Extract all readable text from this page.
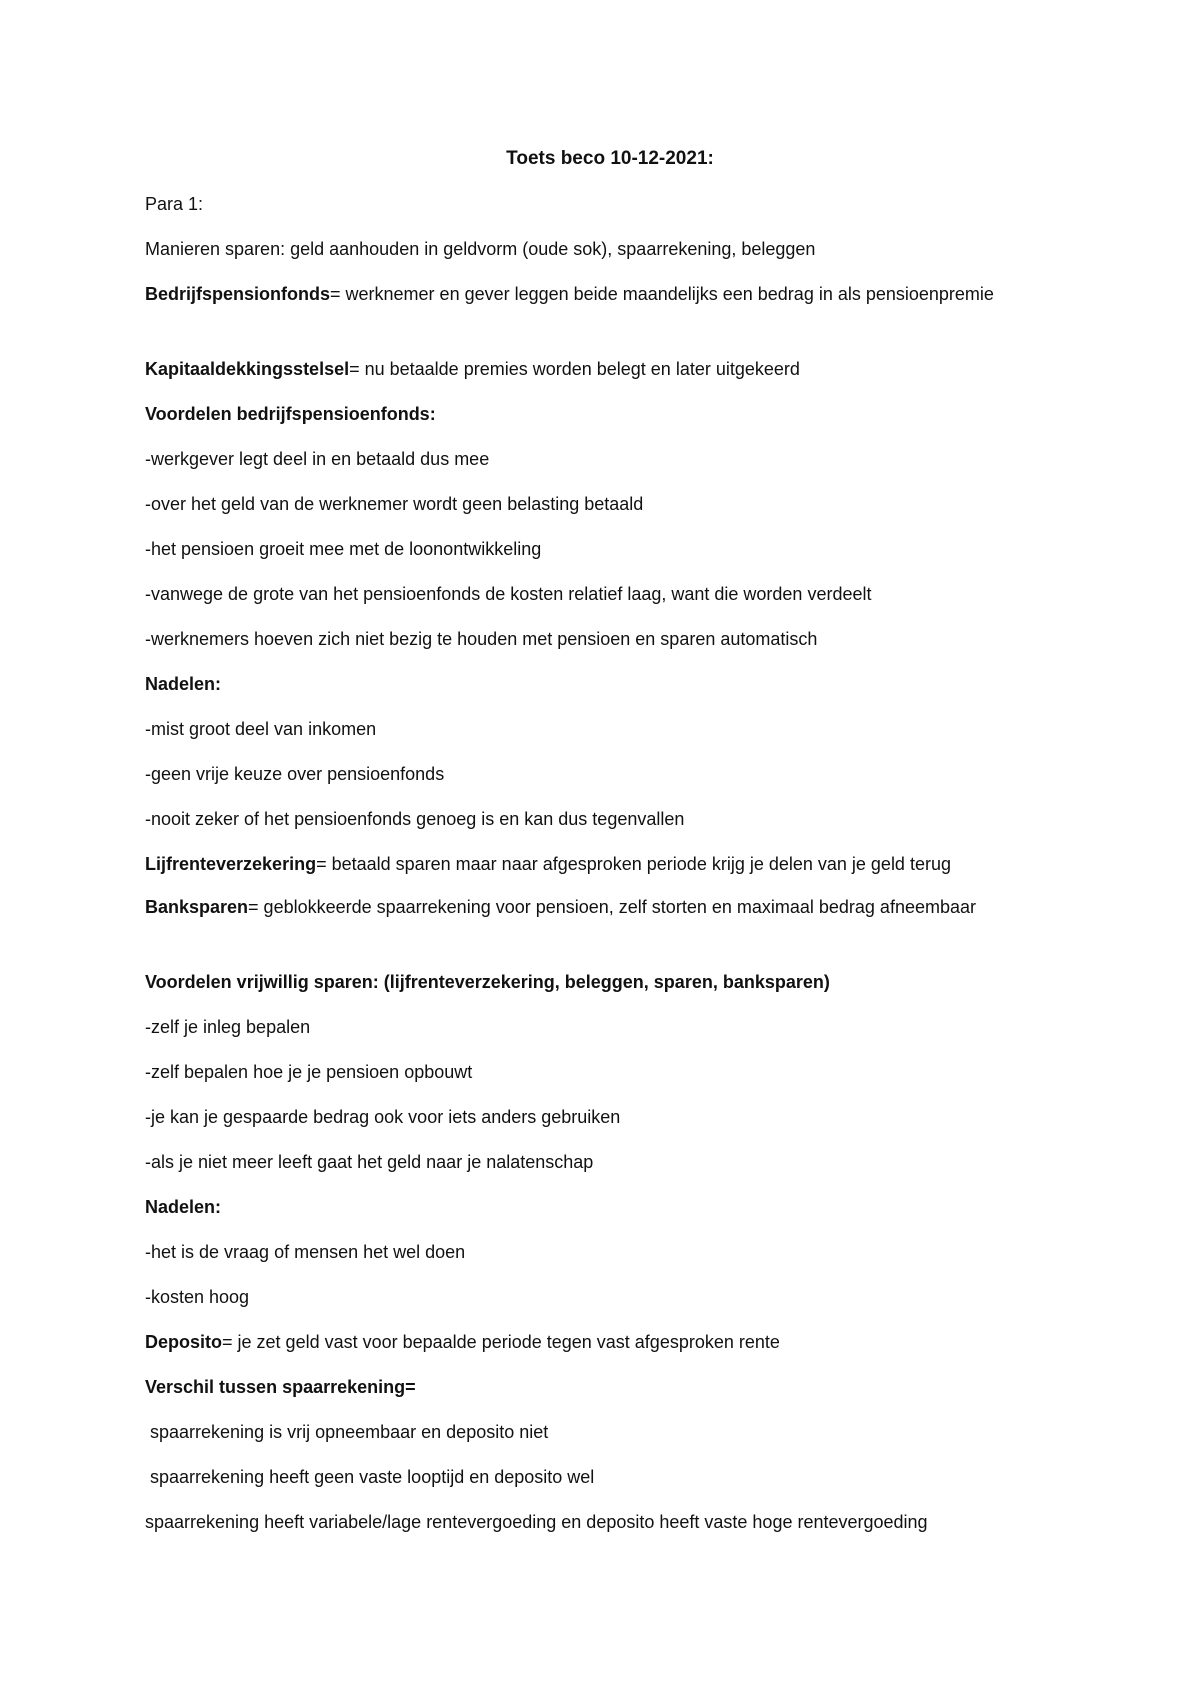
Toets beco 10-12-2021:
Para 1:
Manieren sparen: geld aanhouden in geldvorm (oude sok), spaarrekening, beleggen
Bedrijfspensionfonds= werknemer en gever leggen beide maandelijks een bedrag in als pensioenpremie
Kapitaaldekkingsstelsel= nu betaalde premies worden belegt en later uitgekeerd
Voordelen bedrijfspensioenfonds:
-werkgever legt deel in en betaald dus mee
-over het geld van de werknemer wordt geen belasting betaald
-het pensioen groeit mee met de loonontwikkeling
-vanwege de grote van het pensioenfonds de kosten relatief laag, want die worden verdeelt
-werknemers hoeven zich niet bezig te houden met pensioen en sparen automatisch
Nadelen:
-mist groot deel van inkomen
-geen vrije keuze over pensioenfonds
-nooit zeker of het pensioenfonds genoeg is en kan dus tegenvallen
Lijfrenteverzekering= betaald sparen maar naar afgesproken periode krijg je delen van je geld terug
Banksparen= geblokkeerde spaarrekening voor pensioen, zelf storten en maximaal bedrag afneembaar
Voordelen vrijwillig sparen: (lijfrenteverzekering, beleggen, sparen, banksparen)
-zelf je inleg bepalen
-zelf bepalen hoe je je pensioen opbouwt
-je kan je gespaarde bedrag ook voor iets anders gebruiken
-als je niet meer leeft gaat het geld naar je nalatenschap
Nadelen:
-het is de vraag of mensen het wel doen
-kosten hoog
Deposito= je zet geld vast voor bepaalde periode tegen vast afgesproken rente
Verschil tussen spaarrekening=
spaarrekening is vrij opneembaar en deposito niet
spaarrekening heeft geen vaste looptijd en deposito wel
spaarrekening heeft variabele/lage rentevergoeding en deposito heeft vaste hoge rentevergoeding
